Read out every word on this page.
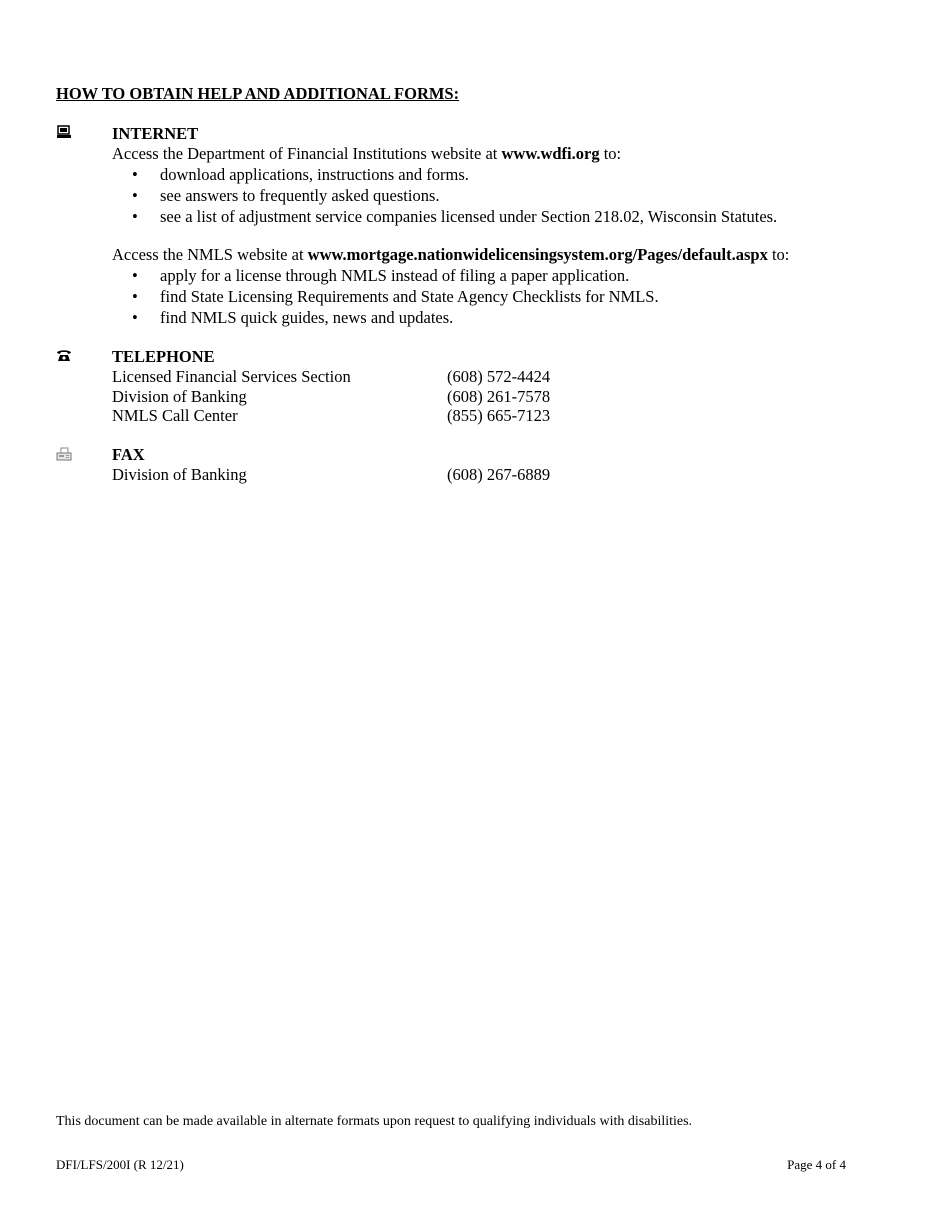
HOW TO OBTAIN HELP AND ADDITIONAL FORMS:
INTERNET
Access the Department of Financial Institutions website at www.wdfi.org to:
• download applications, instructions and forms.
• see answers to frequently asked questions.
• see a list of adjustment service companies licensed under Section 218.02, Wisconsin Statutes.
Access the NMLS website at www.mortgage.nationwidelicensingsystem.org/Pages/default.aspx to:
• apply for a license through NMLS instead of filing a paper application.
• find State Licensing Requirements and State Agency Checklists for NMLS.
• find NMLS quick guides, news and updates.
TELEPHONE
Licensed Financial Services Section	(608) 572-4424
Division of Banking	(608) 261-7578
NMLS Call Center	(855) 665-7123
FAX
Division of Banking	(608) 267-6889
This document can be made available in alternate formats upon request to qualifying individuals with disabilities.
DFI/LFS/200I (R 12/21)	Page 4 of 4
